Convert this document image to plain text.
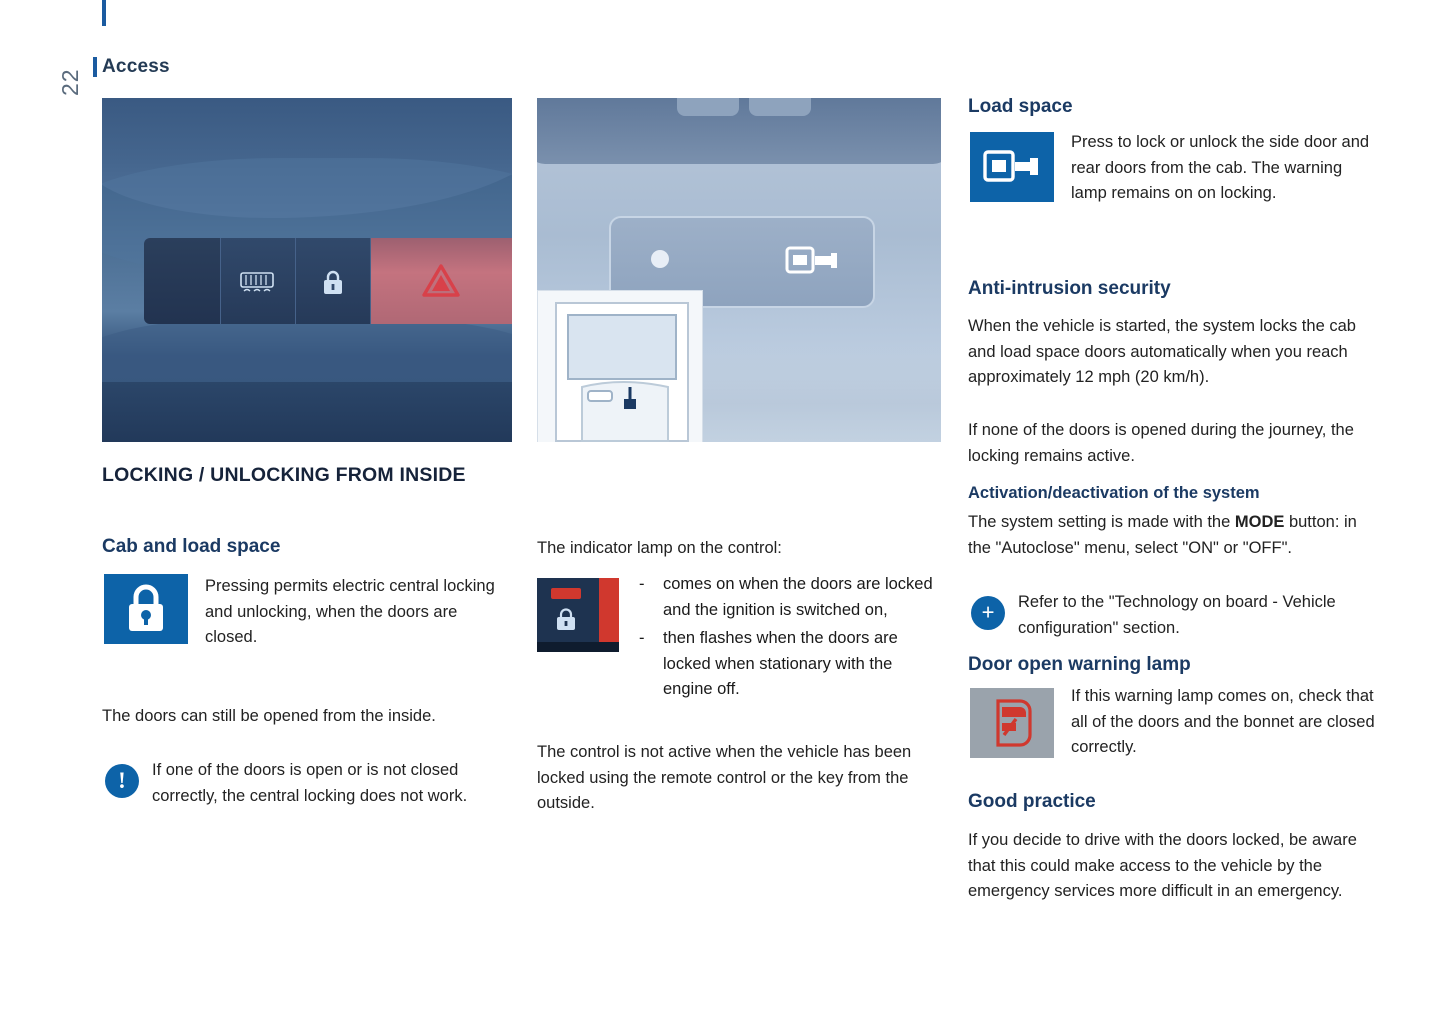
Access
22
LOCKING / UNLOCKING FROM INSIDE
Cab and load space

Pressing permits electric central locking and unlocking, when the doors are closed.

The doors can still be opened from the inside.

! If one of the doors is open or is not closed correctly, the central locking does not work.

The indicator lamp on the control:

- comes on when the doors are locked and the ignition is switched on,
- then flashes when the doors are locked when stationary with the engine off.

The control is not active when the vehicle has been locked using the remote control or the key from the outside.

Load space

Press to lock or unlock the side door and rear doors from the cab. The warning lamp remains on on locking.

Anti-intrusion security

When the vehicle is started, the system locks the cab and load space doors automatically when you reach approximately 12 mph (20 km/h).

If none of the doors is opened during the journey, the locking remains active.

Activation/deactivation of the system

The system setting is made with the MODE button: in the "Autoclose" menu, select "ON" or "OFF".

+ Refer to the "Technology on board - Vehicle configuration" section.

Door open warning lamp

If this warning lamp comes on, check that all of the doors and the bonnet are closed correctly.

Good practice

If you decide to drive with the doors locked, be aware that this could make access to the vehicle by the emergency services more difficult in an emergency.
